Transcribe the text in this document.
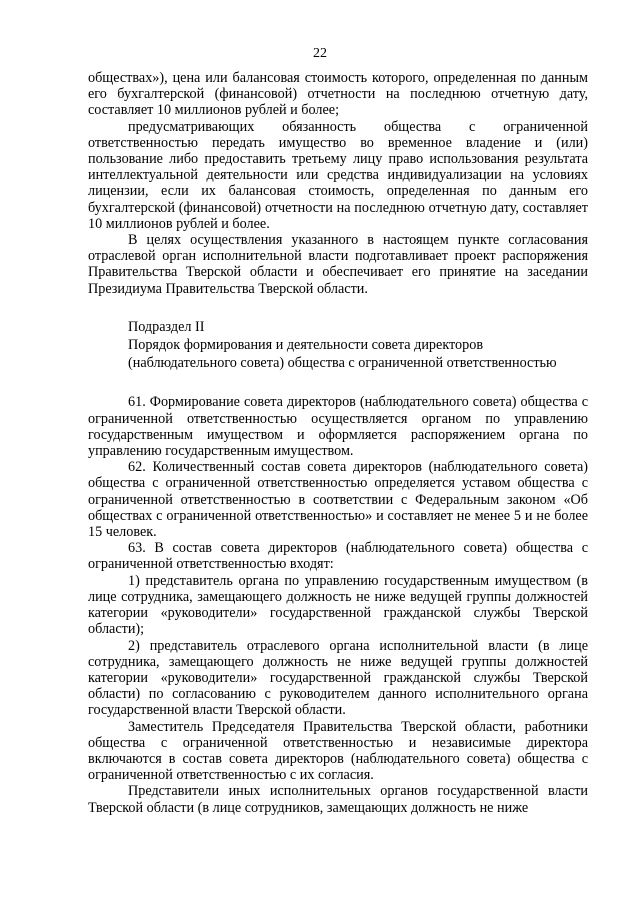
22

обществах»), цена или балансовая стоимость которого, определенная по данным его бухгалтерской (финансовой) отчетности на последнюю отчетную дату, составляет 10 миллионов рублей и более;

предусматривающих обязанность общества с ограниченной ответственностью передать имущество во временное владение и (или) пользование либо предоставить третьему лицу право использования результата интеллектуальной деятельности или средства индивидуализации на условиях лицензии, если их балансовая стоимость, определенная по данным его бухгалтерской (финансовой) отчетности на последнюю отчетную дату, составляет 10 миллионов рублей и более.

В целях осуществления указанного в настоящем пункте согласования отраслевой орган исполнительной власти подготавливает проект распоряжения Правительства Тверской области и обеспечивает его принятие на заседании Президиума Правительства Тверской области.

Подраздел II

Порядок формирования и деятельности совета директоров

(наблюдательного совета) общества с ограниченной ответственностью

61. Формирование совета директоров (наблюдательного совета) общества с ограниченной ответственностью осуществляется органом по управлению государственным имуществом и оформляется распоряжением органа по управлению государственным имуществом.

62. Количественный состав совета директоров (наблюдательного совета) общества с ограниченной ответственностью определяется уставом общества с ограниченной ответственностью в соответствии с Федеральным законом «Об обществах с ограниченной ответственностью» и составляет не менее 5 и не более 15 человек.

63. В состав совета директоров (наблюдательного совета) общества с ограниченной ответственностью входят:

1) представитель органа по управлению государственным имуществом (в лице сотрудника, замещающего должность не ниже ведущей группы должностей категории «руководители» государственной гражданской службы Тверской области);

2) представитель отраслевого органа исполнительной власти (в лице сотрудника, замещающего должность не ниже ведущей группы должностей категории «руководители» государственной гражданской службы Тверской области) по согласованию с руководителем данного исполнительного органа государственной власти Тверской области.

Заместитель Председателя Правительства Тверской области, работники общества с ограниченной ответственностью и независимые директора включаются в состав совета директоров (наблюдательного совета) общества с ограниченной ответственностью с их согласия.

Представители иных исполнительных органов государственной власти Тверской области (в лице сотрудников, замещающих должность не ниже
